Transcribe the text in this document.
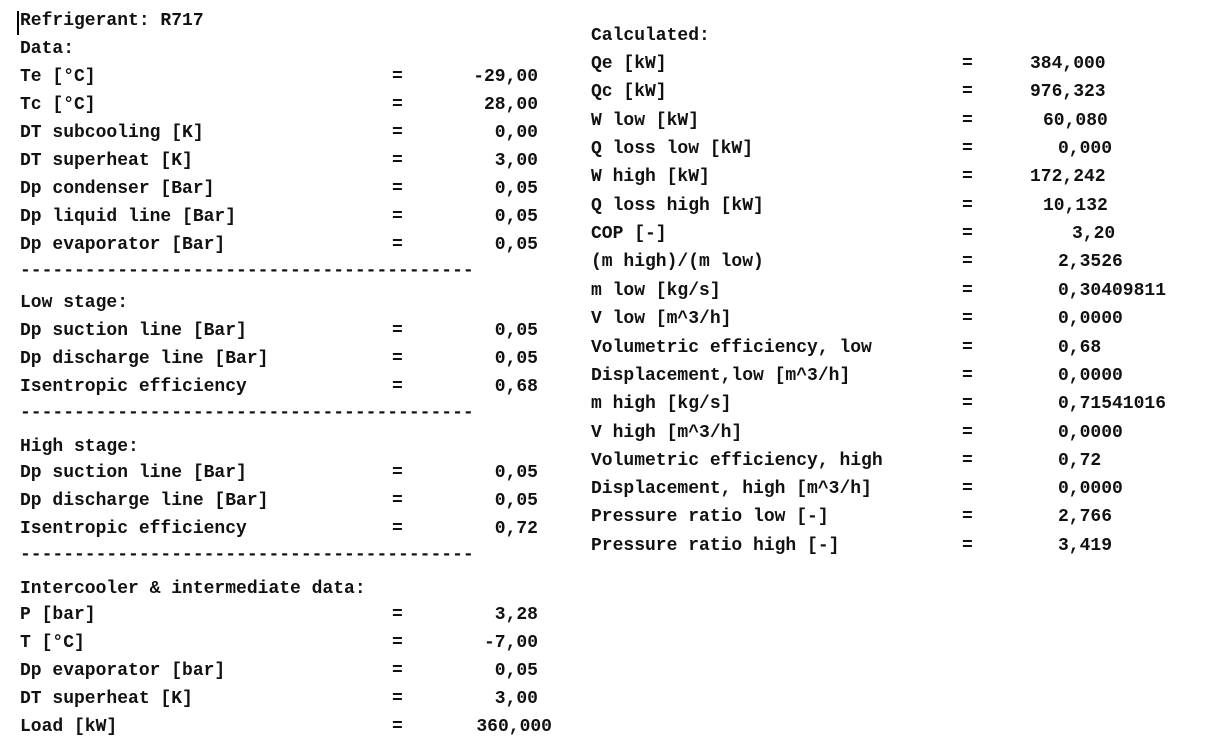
Refrigerant: R717
Data:
Te [°C]	=	-29,00
Tc [°C]	=	28,00
DT subcooling [K]	=	0,00
DT superheat [K]	=	3,00
Dp condenser [Bar]	=	0,05
Dp liquid line [Bar]	=	0,05
Dp evaporator [Bar]	=	0,05
------------------------------------------
Low stage:
Dp suction line [Bar]	=	0,05
Dp discharge line [Bar]	=	0,05
Isentropic efficiency	=	0,68
------------------------------------------
High stage:
Dp suction line [Bar]	=	0,05
Dp discharge line [Bar]	=	0,05
Isentropic efficiency	=	0,72
------------------------------------------
Intercooler & intermediate data:
P [bar]	=	3,28
T [°C]	=	-7,00
Dp evaporator [bar]	=	0,05
DT superheat [K]	=	3,00
Load [kW]	=	360,000
Calculated:
Qe [kW]	=	384,000
Qc [kW]	=	976,323
W low [kW]	=	60,080
Q loss low [kW]	=	0,000
W high [kW]	=	172,242
Q loss high [kW]	=	10,132
COP [-]	=	3,20
(m high)/(m low)	=	2,3526
m low [kg/s]	=	0,30409811
V low [m^3/h]	=	0,0000
Volumetric efficiency, low	=	0,68
Displacement,low [m^3/h]	=	0,0000
m high [kg/s]	=	0,71541016
V high [m^3/h]	=	0,0000
Volumetric efficiency, high	=	0,72
Displacement, high [m^3/h]	=	0,0000
Pressure ratio low [-]	=	2,766
Pressure ratio high [-]	=	3,419
